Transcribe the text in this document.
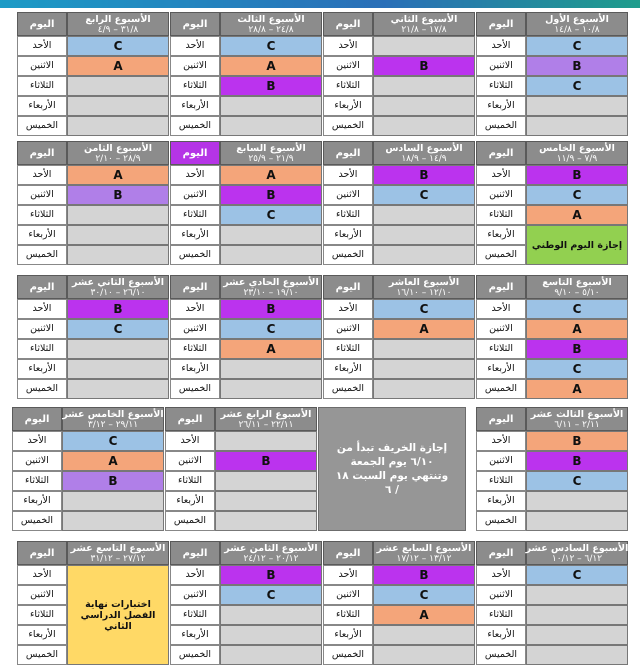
اليوم	الأسبوع الأول
١٠/٨ – ١٤/٨
الأحد	C
الاثنين	B
الثلاثاء	C
الأربعاء
الخميس
اليوم	الأسبوع الثاني
١٧/٨ – ٢١/٨
الأحد
الاثنين	B
الثلاثاء
الأربعاء
الخميس
اليوم	الأسبوع الثالث
٢٤/٨ – ٢٨/٨
الأحد	C
الاثنين	A
الثلاثاء	B
الأربعاء
الخميس
اليوم	الأسبوع الرابع
٣١/٨ – ٤/٩
الأحد	C
الاثنين	A
الثلاثاء
الأربعاء
الخميس
اليوم	الأسبوع الخامس
٧/٩ – ١١/٩
الأحد	B
الاثنين	C
الثلاثاء	A
الأربعاء
الخميس
إجازة اليوم الوطني
اليوم	الأسبوع السادس
١٤/٩ – ١٨/٩
الأحد	B
الاثنين	C
الثلاثاء
الأربعاء
الخميس
اليوم	الأسبوع السابع
٢١/٩ – ٢٥/٩
الأحد	A
الاثنين	B
الثلاثاء	C
الأربعاء
الخميس
اليوم	الأسبوع الثامن
٢٨/٩ – ٢/١٠
الأحد	A
الاثنين	B
الثلاثاء
الأربعاء
الخميس
اليوم	الأسبوع التاسع
٥/١٠ – ٩/١٠
الأحد	C
الاثنين	A
الثلاثاء	B
الأربعاء	C
الخميس	A
اليوم	الأسبوع العاشر
١٢/١٠ – ١٦/١٠
الأحد	C
الاثنين	A
الثلاثاء
الأربعاء
الخميس
اليوم	الأسبوع الحادي عشر
١٩/١٠ – ٢٣/١٠
الأحد	B
الاثنين	C
الثلاثاء	A
الأربعاء
الخميس
اليوم	الأسبوع الثاني عشر
٢٦/١٠ – ٣٠/١٠
الأحد	B
الاثنين	C
الثلاثاء
الأربعاء
الخميس
اليوم	الأسبوع الثالث عشر
٢/١١ – ٦/١١
الأحد	B
الاثنين	B
الثلاثاء	C
الأربعاء
الخميس
اليوم	الأسبوع الرابع عشر
٢٢/١١ – ٢٦/١١
الأحد
الاثنين	B
الثلاثاء
الأربعاء
الخميس
اليوم	الأسبوع الخامس عشر
٢٩/١١ – ٣/١٢
الأحد	C
الاثنين	A
الثلاثاء	B
الأربعاء
الخميس
اليوم	الأسبوع السادس عشر
٦/١٢ – ١٠/١٢
الأحد	C
الاثنين
الثلاثاء
الأربعاء
الخميس
اليوم	الأسبوع السابع عشر
١٣/١٢ – ١٧/١٢
الأحد	B
الاثنين	C
الثلاثاء	A
الأربعاء
الخميس
اليوم	الأسبوع الثامن عشر
٢٠/١٢ – ٢٤/١٢
الأحد	B
الاثنين	C
الثلاثاء
الأربعاء
الخميس
اليوم	الأسبوع التاسع عشر
٢٧/١٢ – ٣١/١٢
الأحد
الاثنين
الثلاثاء
الأربعاء
الخميس
اختبارات نهاية الفصل الدراسي الثاني
إجازة الخريف تبدأ من ٦/١٠ يوم الجمعة وتنتهي يوم السبت ١٨ / ٦
